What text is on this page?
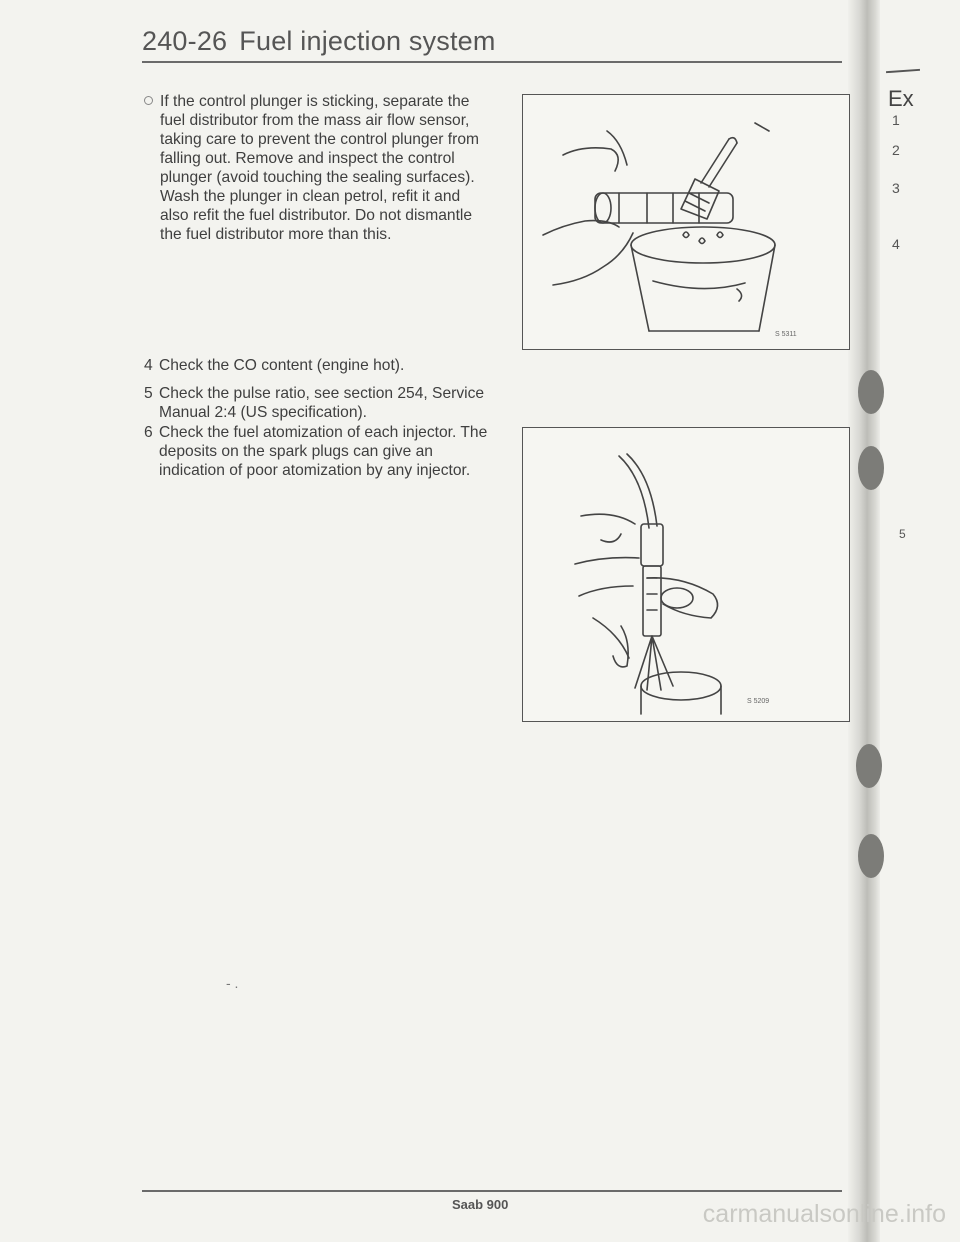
240-26 Fuel injection system
If the control plunger is sticking, separate the fuel distributor from the mass air flow sensor, taking care to prevent the control plunger from falling out. Remove and inspect the control plunger (avoid touching the sealing surfaces). Wash the plunger in clean petrol, refit it and also refit the fuel distributor. Do not dismantle the fuel distributor more than this.
4 Check the CO content (engine hot).
5 Check the pulse ratio, see section 254, Service Manual 2:4 (US specification).
6 Check the fuel atomization of each injector. The deposits on the spark plugs can give an indication of poor atomization by any injector.
S 5311
S 5209
Ex
1
2
3
4
5
- .
Saab 900	carmanualsonline.info
